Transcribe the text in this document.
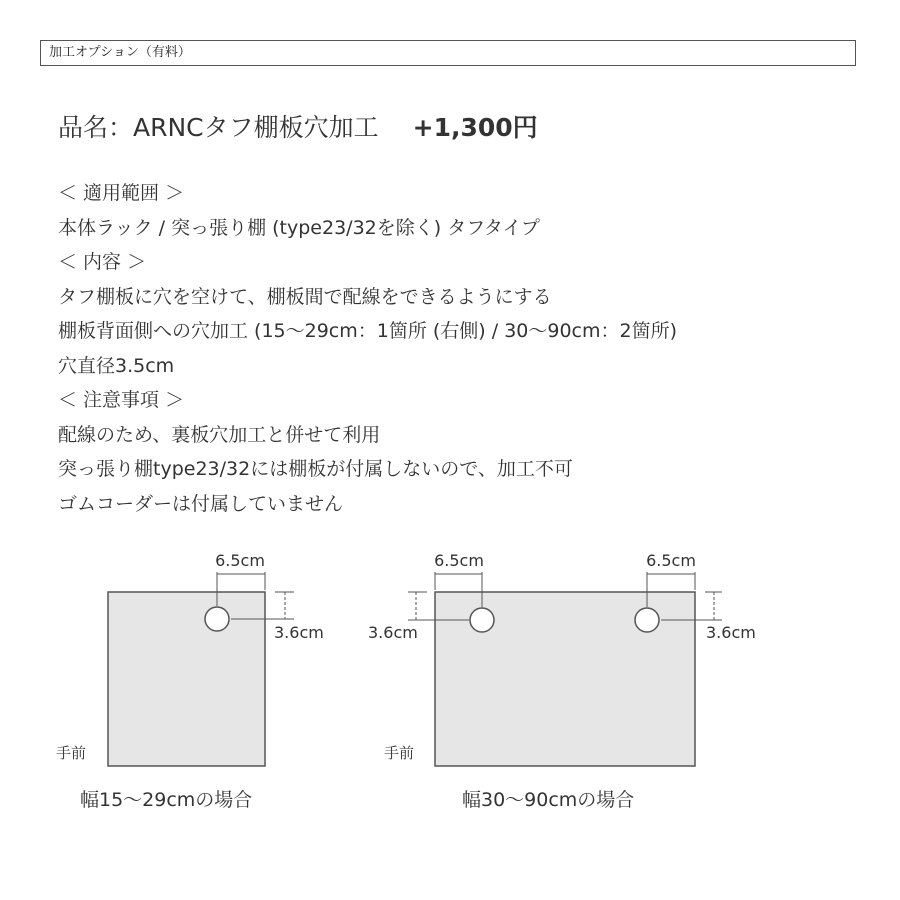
加工オプション（有料）
品名：ARNCタフ棚板穴加工 +1,300円
＜ 適用範囲 ＞
本体ラック / 突っ張り棚 (type23/32を除く) タフタイプ
＜ 内容 ＞
タフ棚板に穴を空けて、棚板間で配線をできるようにする
棚板背面側への穴加工 (15～29cm：1箇所 (右側) / 30～90cm：2箇所)
穴直径3.5cm
＜ 注意事項 ＞
配線のため、裏板穴加工と併せて利用
突っ張り棚type23/32には棚板が付属しないので、加工不可
ゴムコーダーは付属していません
6.5cm
3.6cm
手前
幅15～29cmの場合
6.5cm	6.5cm
3.6cm	3.6cm
手前
幅30～90cmの場合
